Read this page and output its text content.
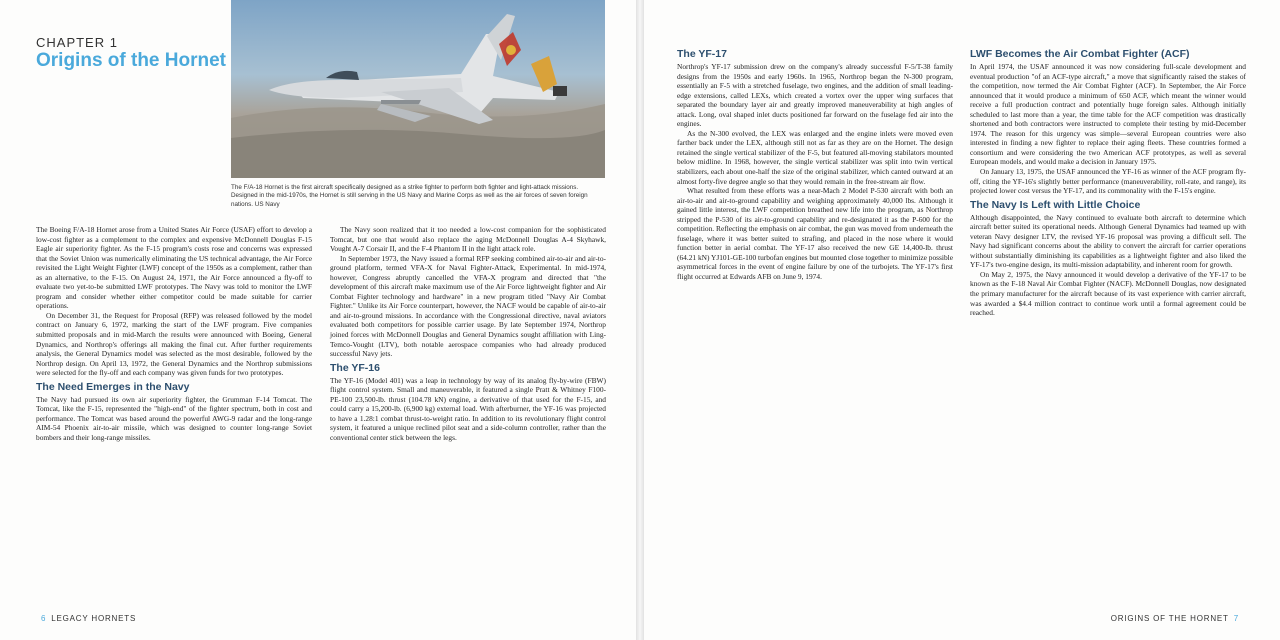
CHAPTER 1
Origins of the Hornet

The F/A-18 Hornet is the first aircraft specifically designed as a strike fighter to perform both fighter and light-attack missions. Designed in the mid-1970s, the Hornet is still serving in the US Navy and Marine Corps as well as the air forces of seven foreign nations. US Navy

The Boeing F/A-18 Hornet arose from a United States Air Force (USAF) effort to develop a low-cost fighter as a complement to the complex and expensive McDonnell Douglas F-15 Eagle air superiority fighter. As the F-15 program's costs rose and concerns was expressed that the Soviet Union was numerically eliminating the US technical advantage, the Air Force revisited the Light Weight Fighter (LWF) concept of the 1950s as a complement, rather than as an alternative, to the F-15. On August 24, 1971, the Air Force announced a fly-off to evaluate two yet-to-be submitted LWF prototypes. The Navy was told to monitor the LWF program and consider whether either competitor could be made suitable for carrier operations.

On December 31, the Request for Proposal (RFP) was released followed by the model contract on January 6, 1972, marking the start of the LWF program. Five companies submitted proposals and in mid-March the results were announced with Boeing, General Dynamics, and Northrop's offerings all making the final cut. After further requirements analysis, the General Dynamics model was selected as the most desirable, followed by the Northrop design. On April 13, 1972, the General Dynamics and the Northrop submissions were selected for the fly-off and each company was given funds for two prototypes.

The Need Emerges in the Navy

The Navy had pursued its own air superiority fighter, the Grumman F-14 Tomcat. The Tomcat, like the F-15, represented the "high-end" of the fighter spectrum, both in cost and performance. The Tomcat was based around the powerful AWG-9 radar and the long-range AIM-54 Phoenix air-to-air missile, which was designed to counter long-range Soviet bombers and their long-range missiles.

The Navy soon realized that it too needed a low-cost companion for the sophisticated Tomcat, but one that would also replace the aging McDonnell Douglas A-4 Skyhawk, Vought A-7 Corsair II, and the F-4 Phantom II in the light attack role.

In September 1973, the Navy issued a formal RFP seeking combined air-to-air and air-to-ground platform, termed VFA-X for Naval Fighter-Attack, Experimental. In mid-1974, however, Congress abruptly cancelled the VFA-X program and directed that "the development of this aircraft make maximum use of the Air Force lightweight fighter and Air Combat Fighter technology and hardware" in a new program titled "Navy Air Combat Fighter." Unlike its Air Force counterpart, however, the NACF would be capable of air-to-air and air-to-ground missions. In accordance with the Congressional directive, naval aviators evaluated both competitors for possible carrier usage. By late September 1974, Northrop joined forces with McDonnell Douglas and General Dynamics sought affiliation with Ling-Temco-Vought (LTV), both notable aerospace companies who had already produced successful Navy jets.

The YF-16

The YF-16 (Model 401) was a leap in technology by way of its analog fly-by-wire (FBW) flight control system. Small and maneuverable, it featured a single Pratt & Whitney F100-PE-100 23,500-lb. thrust (104.78 kN) engine, a derivative of that used for the F-15, and could carry a 15,200-lb. (6,900 kg) external load. With afterburner, the YF-16 was projected to have a 1.28:1 combat thrust-to-weight ratio. In addition to its revolutionary flight control system, it featured a unique reclined pilot seat and a side-column controller, rather than the conventional center stick between the legs.

6 LEGACY HORNETS
The YF-17

Northrop's YF-17 submission drew on the company's already successful F-5/T-38 family designs from the 1950s and early 1960s. In 1965, Northrop began the N-300 program, essentially an F-5 with a stretched fuselage, two engines, and the addition of small leading-edge extensions, called LEXs, which created a vortex over the upper wing surfaces that separated the boundary layer air and greatly improved maneuverability at high angles of attack. Long, oval shaped inlet ducts positioned far forward on the fuselage fed air into the engines.

As the N-300 evolved, the LEX was enlarged and the engine inlets were moved even farther back under the LEX, although still not as far as they are on the Hornet. The design retained the single vertical stabilizer of the F-5, but featured all-moving stabilators mounted below midline. In 1968, however, the single vertical stabilizer was split into twin vertical stabilizers, each about one-half the size of the original stabilizer, which canted outward at an almost forty-five degree angle so that they would remain in the free-stream air flow.

What resulted from these efforts was a near-Mach 2 Model P-530 aircraft with both an air-to-air and air-to-ground capability and weighing approximately 40,000 lbs. Although it gained little interest, the LWF competition breathed new life into the program, as Northrop stripped the P-530 of its air-to-ground capability and re-designated it as the P-600 for the competition. Reflecting the emphasis on air combat, the gun was moved from underneath the fuselage, where it was better suited to strafing, and placed in the nose where it would function better in aerial combat. The YF-17 also received the new GE 14,400-lb. thrust (64.21 kN) YJ101-GE-100 turbofan engines but mounted close together to minimize possible asymmetrical forces in the event of engine failure by one of the turbojets. The YF-17's first flight occurred at Edwards AFB on June 9, 1974.

LWF Becomes the Air Combat Fighter (ACF)

In April 1974, the USAF announced it was now considering full-scale development and eventual production "of an ACF-type aircraft," a move that significantly raised the stakes of the competition, now termed the Air Combat Fighter (ACF). In September, the Air Force announced that it would produce a minimum of 650 ACF, which meant the winner would receive a full production contract and potentially huge foreign sales. Although initially scheduled to last more than a year, the time table for the ACF competition was drastically shortened and both contractors were instructed to complete their testing by mid-December 1974. The reason for this urgency was simple—several European countries were also interested in finding a new fighter to replace their aging fleets. These countries formed a consortium and were considering the two American ACF prototypes, as well as several European models, and would make a decision in January 1975.

On January 13, 1975, the USAF announced the YF-16 as winner of the ACF program fly-off, citing the YF-16's slightly better performance (maneuverability, roll-rate, and range), its projected lower cost versus the YF-17, and its commonality with the F-15's engine.

The Navy Is Left with Little Choice

Although disappointed, the Navy continued to evaluate both aircraft to determine which aircraft better suited its operational needs. Although General Dynamics had teamed up with veteran Navy designer LTV, the revised YF-16 proposal was proving a difficult sell. The Navy had significant concerns about the ability to convert the aircraft for carrier operations without substantially diminishing its capabilities as a lightweight fighter and also liked the YF-17's two-engine design, its multi-mission adaptability, and inherent room for growth.

On May 2, 1975, the Navy announced it would develop a derivative of the YF-17 to be known as the F-18 Naval Air Combat Fighter (NACF). McDonnell Douglas, now designated the primary manufacturer for the aircraft because of its vast experience with carrier aircraft, was awarded a $4.4 million contract to continue work until a formal agreement could be reached.

ORIGINS OF THE HORNET 7
